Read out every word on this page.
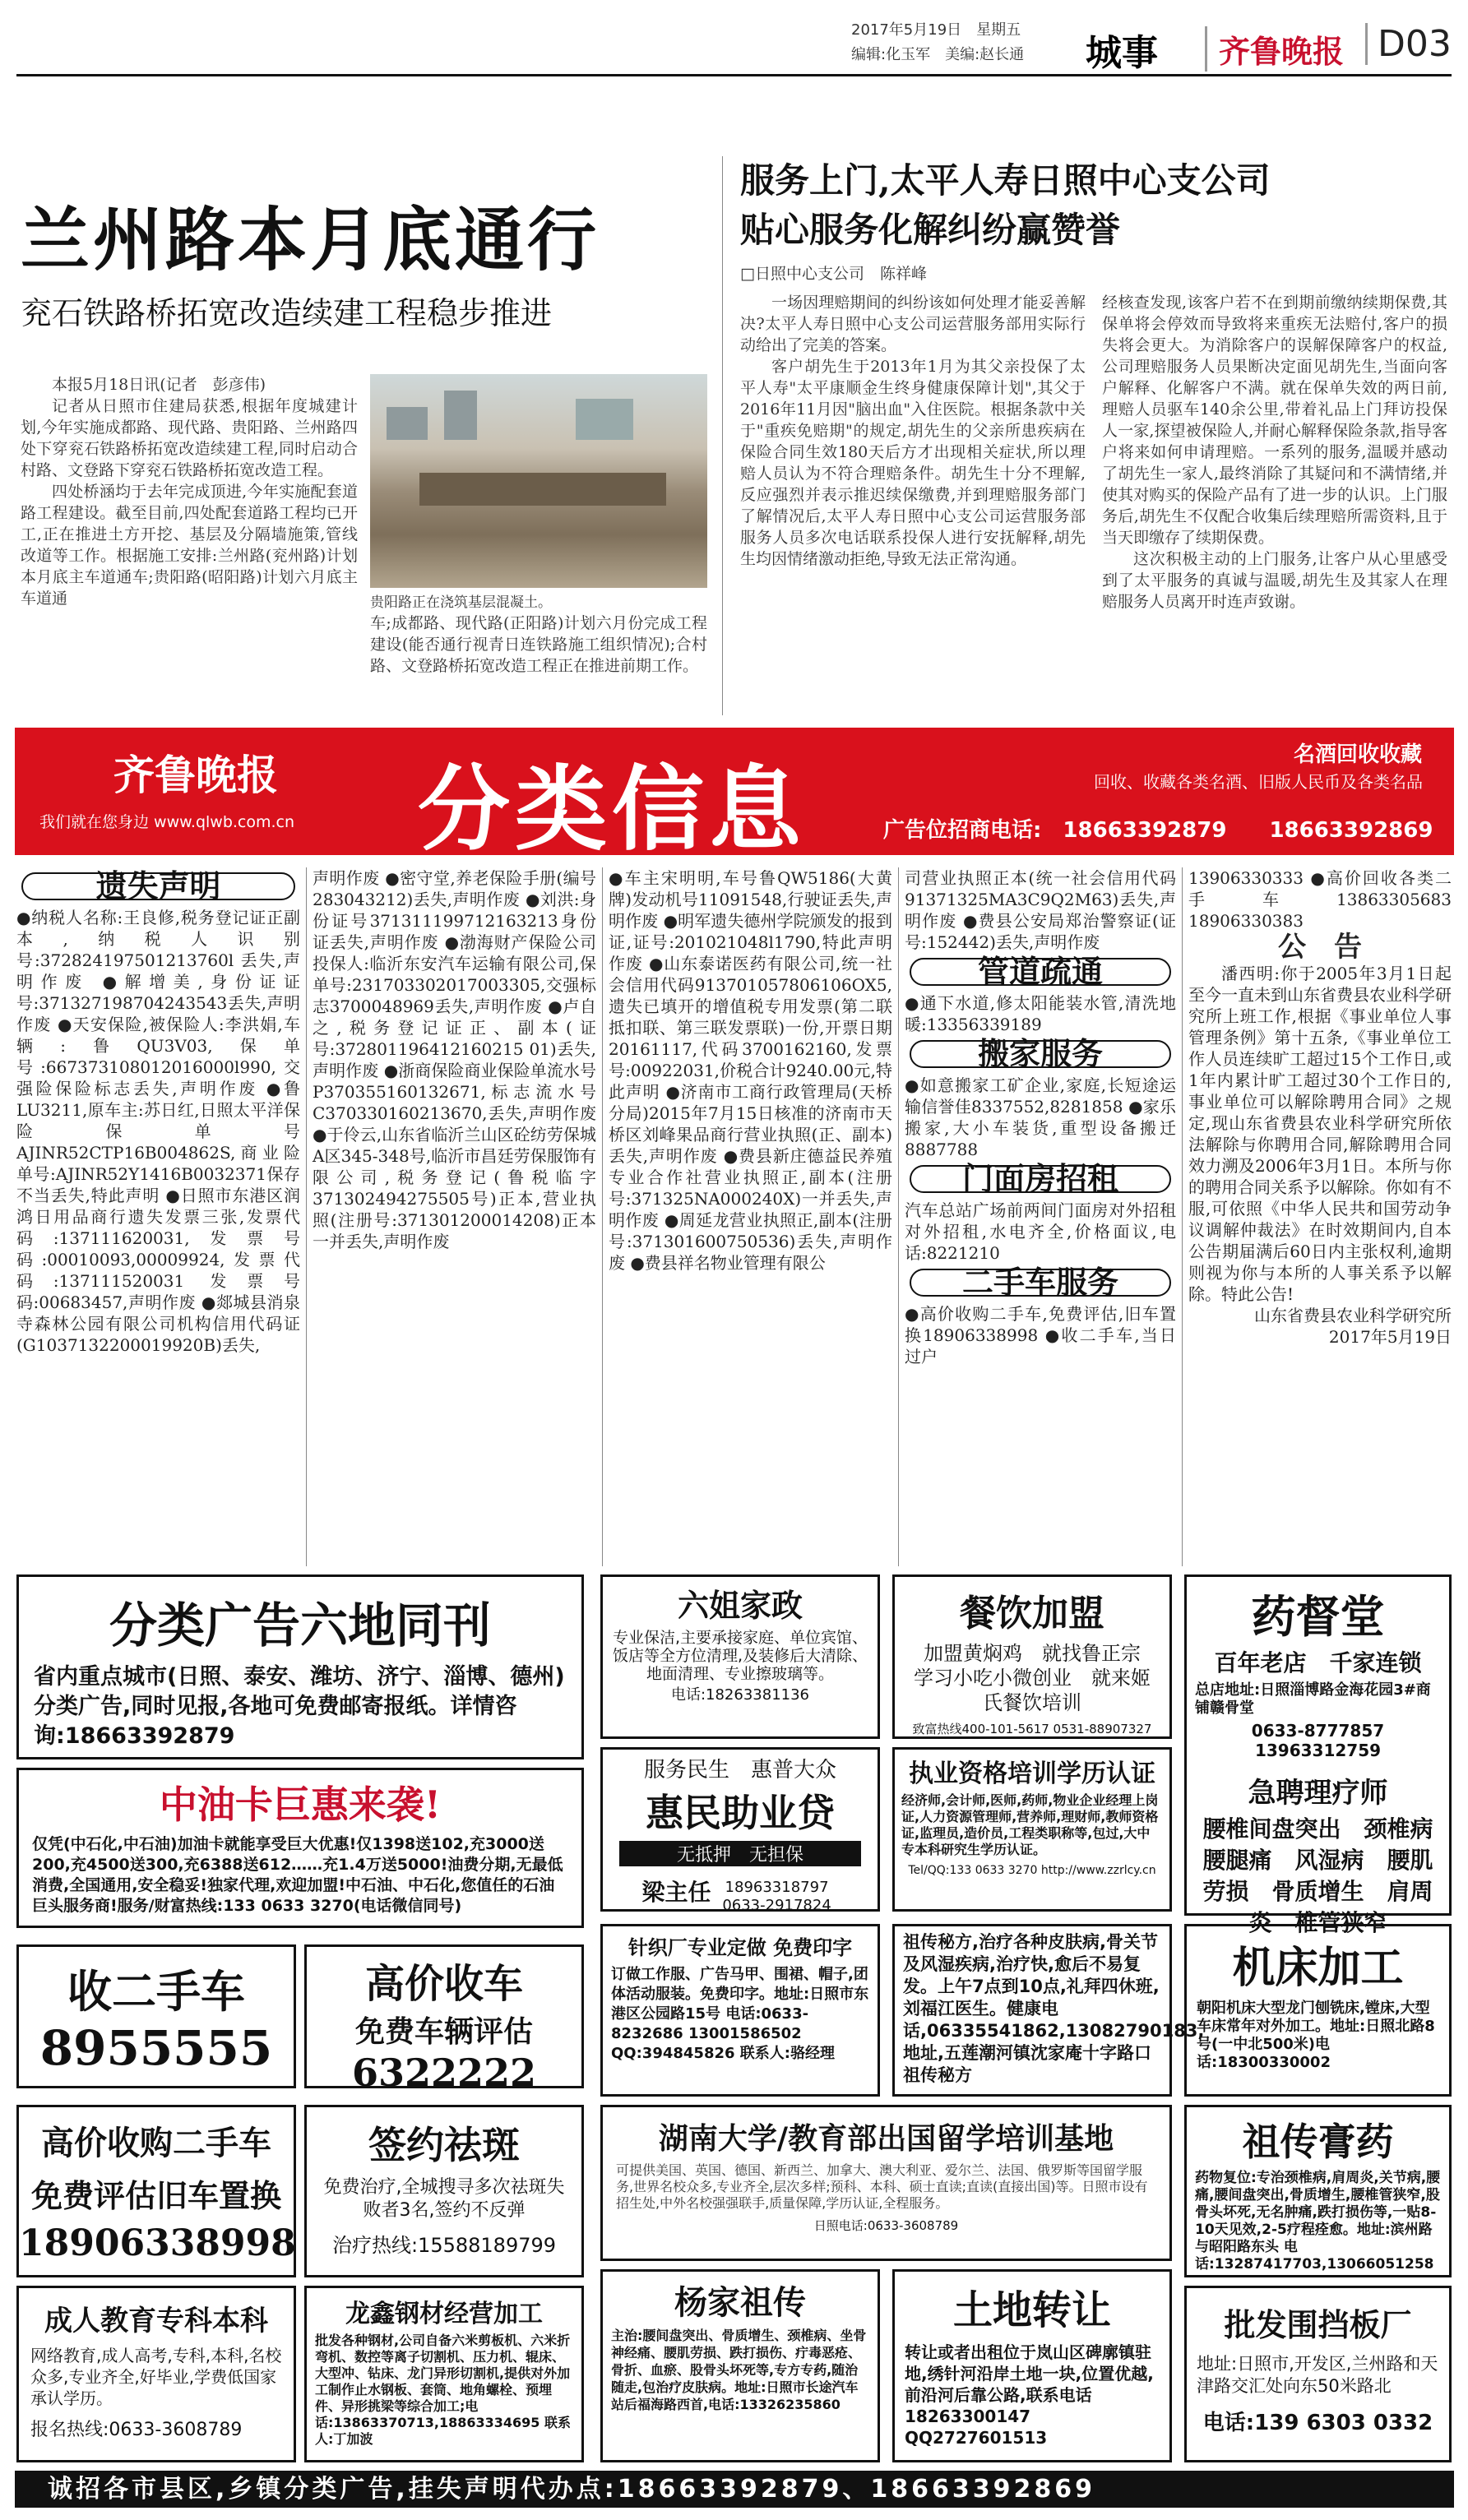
2017年5月19日　 星期五
编辑:化玉军　美编:赵长通 城事	齐鲁晚报 D03
兰州路本月底通行
兖石铁路桥拓宽改造续建工程稳步推进

本报5月18日讯(记者　彭彦伟)

记者从日照市住建局获悉,根据年度城建计划,今年实施成都路、现代路、贵阳路、兰州路四处下穿兖石铁路桥拓宽改造续建工程,同时启动合村路、文登路下穿兖石铁路桥拓宽改造工程。

四处桥涵均于去年完成顶进,今年实施配套道路工程建设。截至目前,四处配套道路工程均已开工,正在推进土方开挖、基层及分隔墙施策,管线改道等工作。根据施工安排:兰州路(兖州路)计划本月底主车道通车;贵阳路(昭阳路)计划六月底主车道通	贵阳路正在浇筑基层混凝土。
车;成都路、现代路(正阳路)计划六月份完成工程建设(能否通行视青日连铁路施工组织情况);合村路、文登路桥拓宽改造工程正在推进前期工作。
服务上门,太平人寿日照中心支公司
贴心服务化解纠纷赢赞誉
□日照中心支公司　陈祥峰

一场因理赔期间的纠纷该如何处理才能妥善解决?太平人寿日照中心支公司运营服务部用实际行动给出了完美的答案。

客户胡先生于2013年1月为其父亲投保了太平人寿"太平康顺金生终身健康保障计划",其父于2016年11月因"脑出血"入住医院。根据条款中关于"重疾免赔期"的规定,胡先生的父亲所患疾病在保险合同生效180天后方才出现相关症状,所以理赔人员认为不符合理赔条件。胡先生十分不理解,反应强烈并表示推迟续保缴费,并到理赔服务部门了解情况后,太平人寿日照中心支公司运营服务部服务人员多次电话联系投保人进行安抚解释,胡先生均因情绪激动拒绝,导致无法正常沟通。

经核查发现,该客户若不在到期前缴纳续期保费,其保单将会停效而导致将来重疾无法赔付,客户的损失将会更大。为消除客户的误解保障客户的权益,公司理赔服务人员果断决定面见胡先生,当面向客户解释、化解客户不满。就在保单失效的两日前,理赔人员驱车140余公里,带着礼品上门拜访投保人一家,探望被保险人,并耐心解释保险条款,指导客户将来如何申请理赔。一系列的服务,温暖并感动了胡先生一家人,最终消除了其疑问和不满情绪,并使其对购买的保险产品有了进一步的认识。上门服务后,胡先生不仅配合收集后续理赔所需资料,且于当天即缴存了续期保费。

这次积极主动的上门服务,让客户从心里感受到了太平服务的真诚与温暖,胡先生及其家人在理赔服务人员离开时连声致谢。

齐鲁晚报
我们就在您身边 www.qlwb.com.cn 分类信息
名酒回收收藏
回收、收藏各类名酒、旧版人民币及各类名品
广告位招商电话:　 18663392879　　 18663392869
遗失声明
●纳税人名称:王良修,税务登记证正副本,纳税人识别号:372824197501213760l 丢失,声明作废 ●解增美,身份证证号:371327198704243543丢失,声明作废 ●天安保险,被保险人:李洪娟,车辆:鲁QU3V03,保单号:667373108012016000l990,交强险保险标志丢失,声明作废 ●鲁LU3211,原车主:苏日红,日照太平洋保险保单号AJINR52CTP16B004862S,商业险单号:AJINR52Y1416B0032371保存不当丢失,特此声明 ●日照市东港区润鸿日用品商行遗失发票三张,发票代码:137111620031,发票号码:00010093,00009924,发票代码:137111520031 发票号码:00683457,声明作废 ●郯城县消泉寺森林公园有限公司机构信用代码证(G1037132200019920B)丢失,
声明作废 ●密守堂,养老保险手册(编号283043212)丢失,声明作废 ●刘洪:身份证号371311199712163213身份证丢失,声明作废 ●渤海财产保险公司投保人:临沂东安汽车运输有限公司,保单号:231703302017003305,交强标志3700048969丢失,声明作废 ●卢自之,税务登记证正、副本(证号:372801196412160215 01)丢失,声明作废 ●浙商保险商业保险单流水号P370355160132671,标志流水号C370330160213670,丢失,声明作废 ●于伶云,山东省临沂兰山区砼纺劳保城A区345-348号,临沂市昌廷劳保服饰有限公司,税务登记(鲁税临字371302494275505号)正本,营业执照(注册号:371301200014208)正本一并丢失,声明作废
●车主宋明明,车号鲁QW5186(大黄牌)发动机号11091548,行驶证丢失,声明作废 ●明军遗失德州学院颁发的报到证,证号:201021048l1790,特此声明作废 ●山东泰诺医药有限公司,统一社会信用代码913701057806106OX5,遗失已填开的增值税专用发票(第二联抵扣联、第三联发票联)一份,开票日期20161117,代码3700162160,发票号:00922031,价税合计9240.00元,特此声明 ●济南市工商行政管理局(天桥分局)2015年7月15日核准的济南市天桥区刘峰果品商行营业执照(正、副本)丢失,声明作废 ●费县新庄德益民养殖专业合作社营业执照正,副本(注册号:371325NA000240X)一并丢失,声明作废 ●周延龙营业执照正,副本(注册号:371301600750536)丢失,声明作废 ●费县祥名物业管理有限公
司营业执照正本(统一社会信用代码91371325MA3C9Q2M63)丢失,声明作废 ●费县公安局郑治警察证(证号:152442)丢失,声明作废
管道疏通
●通下水道,修太阳能装水管,清洗地暖:13356339189
搬家服务
●如意搬家工矿企业,家庭,长短途运输信誉佳8337552,8281858 ●家乐搬家,大小车装货,重型设备搬迁8887788
门面房招租
汽车总站广场前两间门面房对外招租对外招租,水电齐全,价格面议,电话:8221210
二手车服务
●高价收购二手车,免费评估,旧车置换18906338998 ●收二手车,当日过户
13906330333 ●高价回收各类二手车13863305683 18906330383
公　告
潘西明:你于2005年3月1日起至今一直未到山东省费县农业科学研究所上班工作,根据《事业单位人事管理条例》第十五条,《事业单位工作人员连续旷工超过15个工作日,或1年内累计旷工超过30个工作日的,事业单位可以解除聘用合同》之规定,现山东省费县农业科学研究所依法解除与你聘用合同,解除聘用合同效力溯及2006年3月1日。本所与你的聘用合同关系予以解除。你如有不服,可依照《中华人民共和国劳动争议调解仲裁法》在时效期间内,自本公告期届满后60日内主张权利,逾期则视为你与本所的人事关系予以解除。特此公告!
山东省费县农业科学研究所
2017年5月19日
分类广告六地同刊
省内重点城市(日照、泰安、潍坊、济宁、淄博、德州)分类广告,同时见报,各地可免费邮寄报纸。详情咨询:18663392879
六姐家政
专业保洁,主要承接家庭、单位宾馆、饭店等全方位清理,及装修后大清除、地面清理、专业擦玻璃等。
电话:18263381136
餐饮加盟
加盟黄焖鸡　就找鲁正宗　学习小吃小微创业　就来姬氏餐饮培训
致富热线400-101-5617 0531-88907327
药督堂
百年老店　千家连锁
总店地址:日照淄博路金海花园3#商铺赣骨堂
0633-8777857 13963312759
急聘理疗师
腰椎间盘突出　颈椎病　腰腿痛　风湿病　腰肌劳损　骨质增生　肩周炎　椎管狭窄
中油卡巨惠来袭!
仅凭(中石化,中石油)加油卡就能享受巨大优惠!仅1398送102,充3000送200,充4500送300,充6388送612……充1.4万送5000!油费分期,无最低消费,全国通用,安全稳妥!独家代理,欢迎加盟!中石油、中石化,您值任的石油巨头服务商!服务/财富热线:133 0633 3270(电话微信同号)
服务民生　惠普大众
惠民助业贷
无抵押　无担保
梁主任 18963318797 0633-2917824
执业资格培训学历认证
经济师,会计师,医师,药师,物业企业经理上岗证,人力资源管理师,营养师,理财师,教师资格证,监理员,造价员,工程类职称等,包过,大中专本科研究生学历认证。
Tel/QQ:133 0633 3270 http://www.zzrlcy.cn
收二手车
8955555
高价收车
免费车辆评估
6322222
针织厂专业定做 免费印字
订做工作服、广告马甲、围裙、帽子,团体活动服装。免费印字。地址:日照市东港区公园路15号 电话:0633-8232686 13001586502 QQ:394845826 联系人:骆经理
祖传秘方,治疗各种皮肤病,骨关节及风湿疾病,治疗快,愈后不易复发。上午7点到10点,礼拜四休班,刘福江医生。健康电话,06335541862,13082790183,地址,五莲潮河镇沈家庵十字路口祖传秘方
机床加工
朝阳机床大型龙门刨铣床,镗床,大型车床常年对外加工。地址:日照北路8号(一中北500米)电话:18300330002
高价收购二手车
免费评估旧车置换
18906338998
签约祛斑
免费治疗,全城搜寻多次祛斑失败者3名,签约不反弹
治疗热线:15588189799
湖南大学/教育部出国留学培训基地
可提供美国、英国、德国、新西兰、加拿大、澳大利亚、爱尔兰、法国、俄罗斯等国留学服务,世界名校众多,专业齐全,层次多样;预科、本科、硕士直读;直读(直接出国)等。日照市设有招生处,中外名校强强联手,质量保障,学历认证,全程服务。
日照电话:0633-3608789
祖传膏药
药物复位:专治颈椎病,肩周炎,关节病,腰痛,腰间盘突出,骨质增生,腰椎管狭窄,股骨头坏死,无名肿痛,跌打损伤等,一贴8-10天见效,2-5疗程痊愈。地址:滨州路与昭阳路东头 电话:13287417703,13066051258
成人教育专科本科
网络教育,成人高考,专科,本科,名校众多,专业齐全,好毕业,学费低国家承认学历。
报名热线:0633-3608789
龙鑫钢材经营加工
批发各种钢材,公司自备六米剪板机、六米折弯机、数控等离子切割机、压力机、辊床、大型冲、钻床、龙门异形切割机,提供对外加工制作止水钢板、套筒、地角螺栓、预埋件、异形挑梁等综合加工;电话:13863370713,18863334695 联系人:丁加波
杨家祖传
主治:腰间盘突出、骨质增生、颈椎病、坐骨神经痛、腰肌劳损、跌打损伤、疔毒恶疮、骨折、血瘀、股骨头坏死等,专方专药,随治随走,包治疗皮肤病。地址:日照市长途汽车站后福海路西首,电话:13326235860
土地转让
转让或者出租位于岚山区碑廓镇驻地,绣针河沿岸土地一块,位置优越,前沿河后靠公路,联系电话18263300147 QQ2727601513
批发围挡板厂
地址:日照市,开发区,兰州路和天津路交汇处向东50米路北
电话:139 6303 0332
诚招各市县区,乡镇分类广告,挂失声明代办点:18663392879、18663392869
